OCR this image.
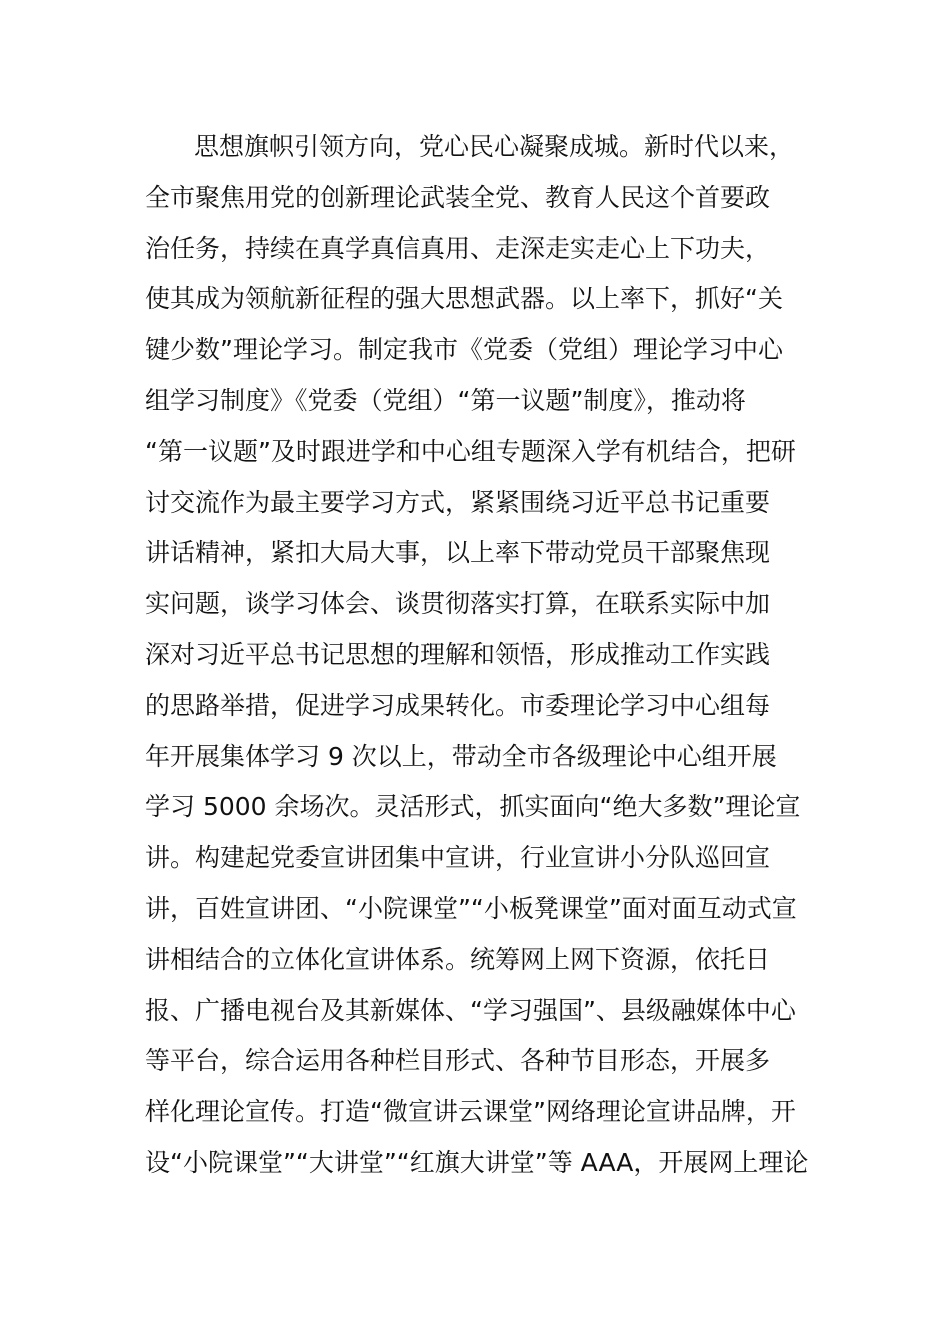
思想旗帜引领方向，党心民心凝聚成城。新时代以来，
全市聚焦用党的创新理论武装全党、教育人民这个首要政
治任务，持续在真学真信真用、走深走实走心上下功夫，
使其成为领航新征程的强大思想武器。以上率下，抓好“关
键少数”理论学习。制定我市《党委（党组）理论学习中心
组学习制度》《党委（党组）“第一议题”制度》，推动将
“第一议题”及时跟进学和中心组专题深入学有机结合，把研
讨交流作为最主要学习方式，紧紧围绕习近平总书记重要
讲话精神，紧扣大局大事，以上率下带动党员干部聚焦现
实问题，谈学习体会、谈贯彻落实打算，在联系实际中加
深对习近平总书记思想的理解和领悟，形成推动工作实践
的思路举措，促进学习成果转化。市委理论学习中心组每
年开展集体学习 9 次以上，带动全市各级理论中心组开展
学习 5000 余场次。灵活形式，抓实面向“绝大多数”理论宣
讲。构建起党委宣讲团集中宣讲，行业宣讲小分队巡回宣
讲，百姓宣讲团、“小院课堂”“小板凳课堂”面对面互动式宣
讲相结合的立体化宣讲体系。统筹网上网下资源，依托日
报、广播电视台及其新媒体、“学习强国”、县级融媒体中心
等平台，综合运用各种栏目形式、各种节目形态，开展多
样化理论宣传。打造“微宣讲云课堂”网络理论宣讲品牌，开
设“小院课堂”“大讲堂”“红旗大讲堂”等 AAA，开展网上理论
